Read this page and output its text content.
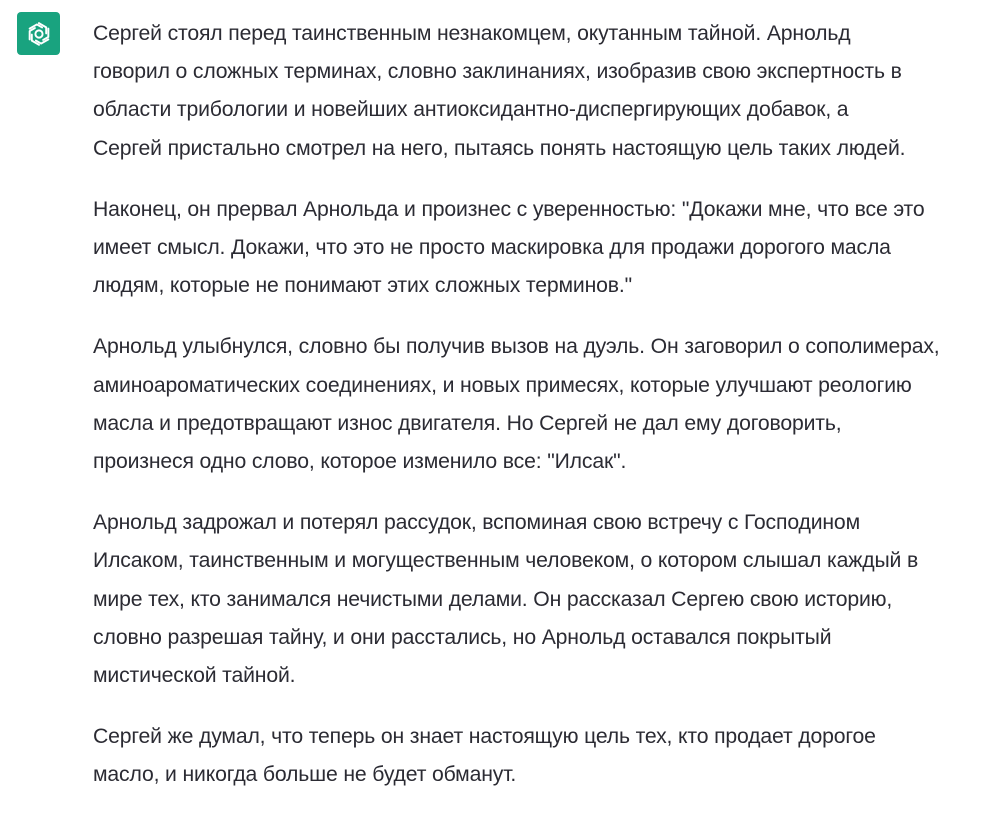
Сергей стоял перед таинственным незнакомцем, окутанным тайной. Арнольд
говорил о сложных терминах, словно заклинаниях, изобразив свою экспертность в
области трибологии и новейших антиоксидантно-диспергирующих добавок, а
Сергей пристально смотрел на него, пытаясь понять настоящую цель таких людей.

Наконец, он прервал Арнольда и произнес с уверенностью: "Докажи мне, что все это
имеет смысл. Докажи, что это не просто маскировка для продажи дорогого масла
людям, которые не понимают этих сложных терминов."

Арнольд улыбнулся, словно бы получив вызов на дуэль. Он заговорил о сополимерах,
aминоароматических соединениях, и новых примесях, которые улучшают реологию
масла и предотвращают износ двигателя. Но Сергей не дал ему договорить,
произнеся одно слово, которое изменило все: "Илсак".

Арнольд задрожал и потерял рассудок, вспоминая свою встречу с Господином
Илсаком, таинственным и могущественным человеком, о котором слышал каждый в
мире тех, кто занимался нечистыми делами. Он рассказал Сергею свою историю,
словно разрешая тайну, и они расстались, но Арнольд оставался покрытый
мистической тайной.

Сергей же думал, что теперь он знает настоящую цель тех, кто продает дорогое
масло, и никогда больше не будет обманут.
